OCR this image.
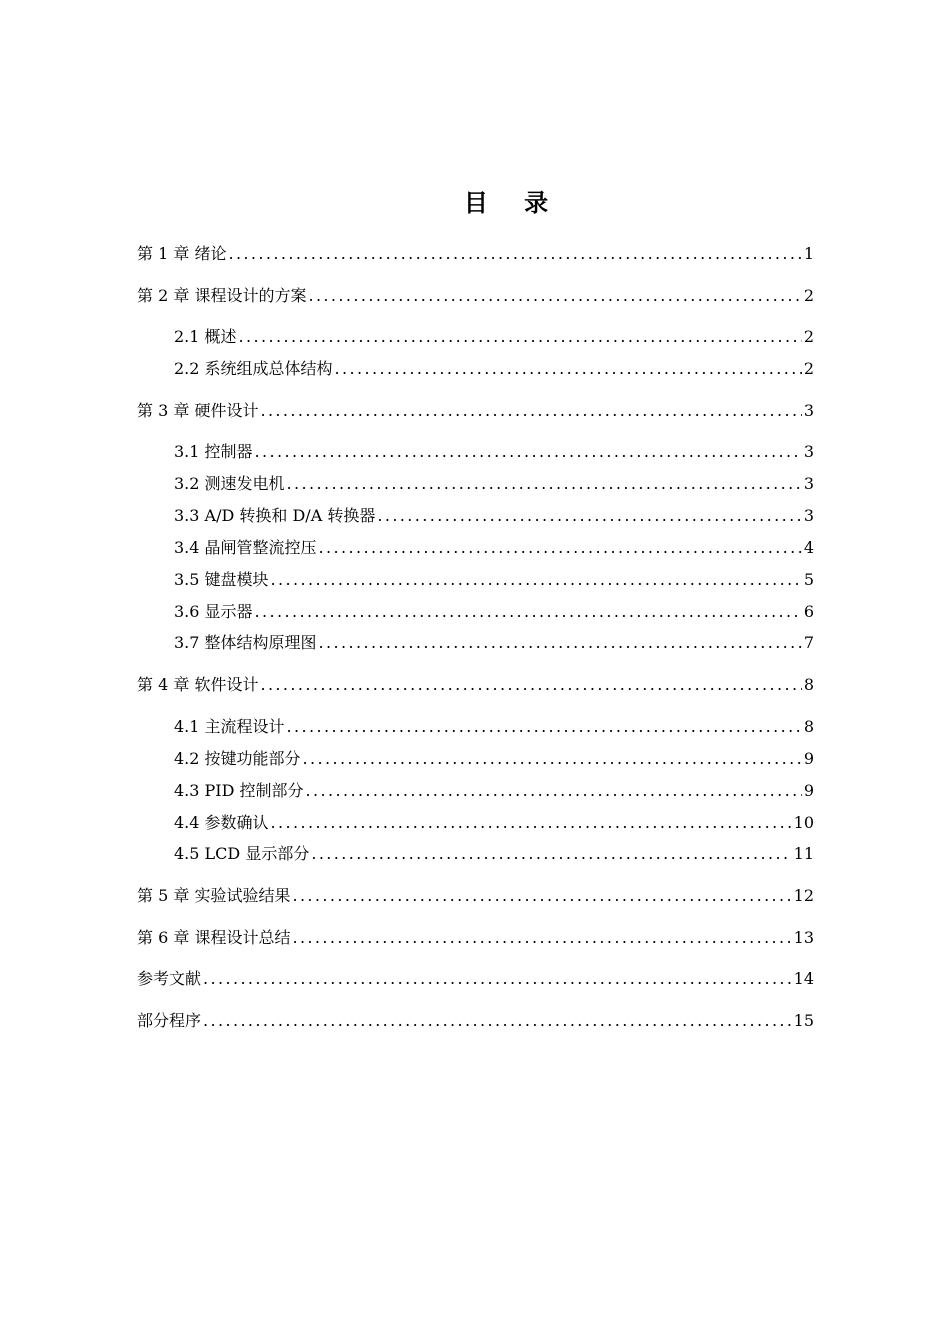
目 录
第 1 章 绪论 .....	1
第 2 章 课程设计的方案 .....	2
2.1 概述 .....	2
2.2 系统组成总体结构 .....	2
第 3 章 硬件设计 .....	3
3.1 控制器 .....	3
3.2 测速发电机 .....	3
3.3 A/D 转换和 D/A 转换器 .....	3
3.4 晶闸管整流控压 .....	4
3.5 键盘模块 .....	5
3.6 显示器 .....	6
3.7 整体结构原理图 .....	7
第 4 章 软件设计 .....	8
4.1 主流程设计 .....	8
4.2 按键功能部分 .....	9
4.3 PID 控制部分 .....	9
4.4 参数确认 .....	10
4.5 LCD 显示部分 .....	11
第 5 章 实验试验结果 .....	12
第 6 章 课程设计总结 .....	13
参考文献 .....	14
部分程序 .....	15
